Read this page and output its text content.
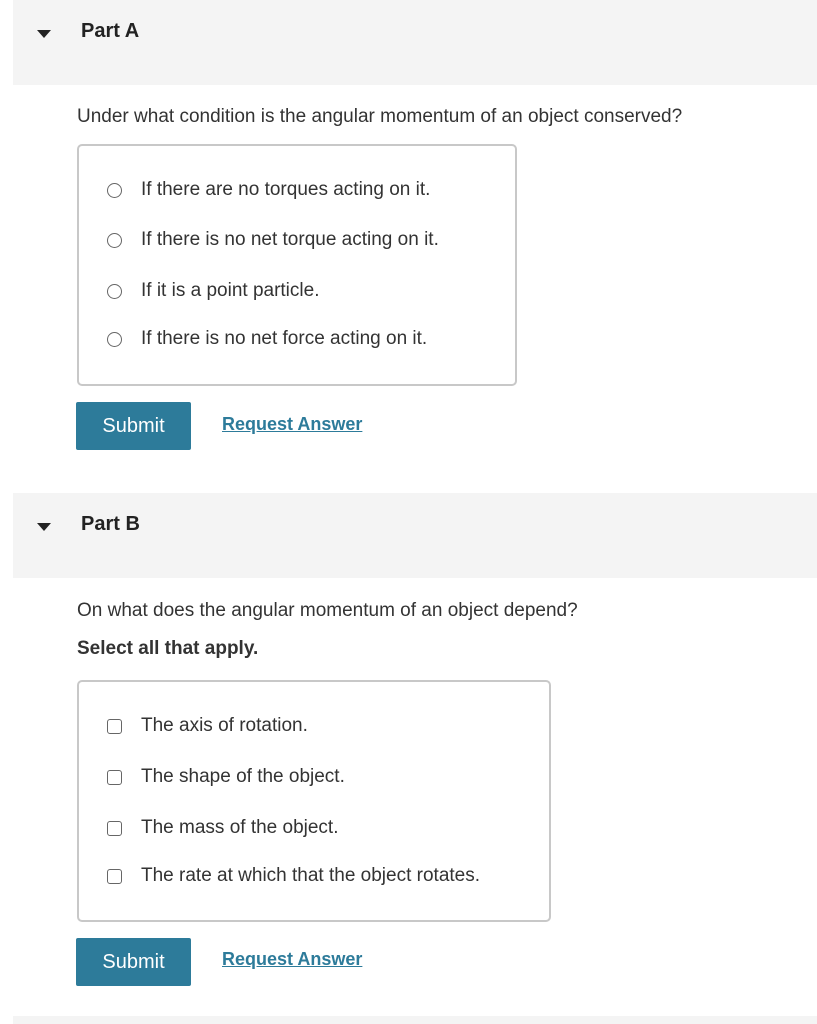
Part A
Under what condition is the angular momentum of an object conserved?
If there are no torques acting on it.
If there is no net torque acting on it.
If it is a point particle.
If there is no net force acting on it.
Submit	Request Answer
Part B
On what does the angular momentum of an object depend?
Select all that apply.
The axis of rotation.
The shape of the object.
The mass of the object.
The rate at which that the object rotates.
Submit	Request Answer
